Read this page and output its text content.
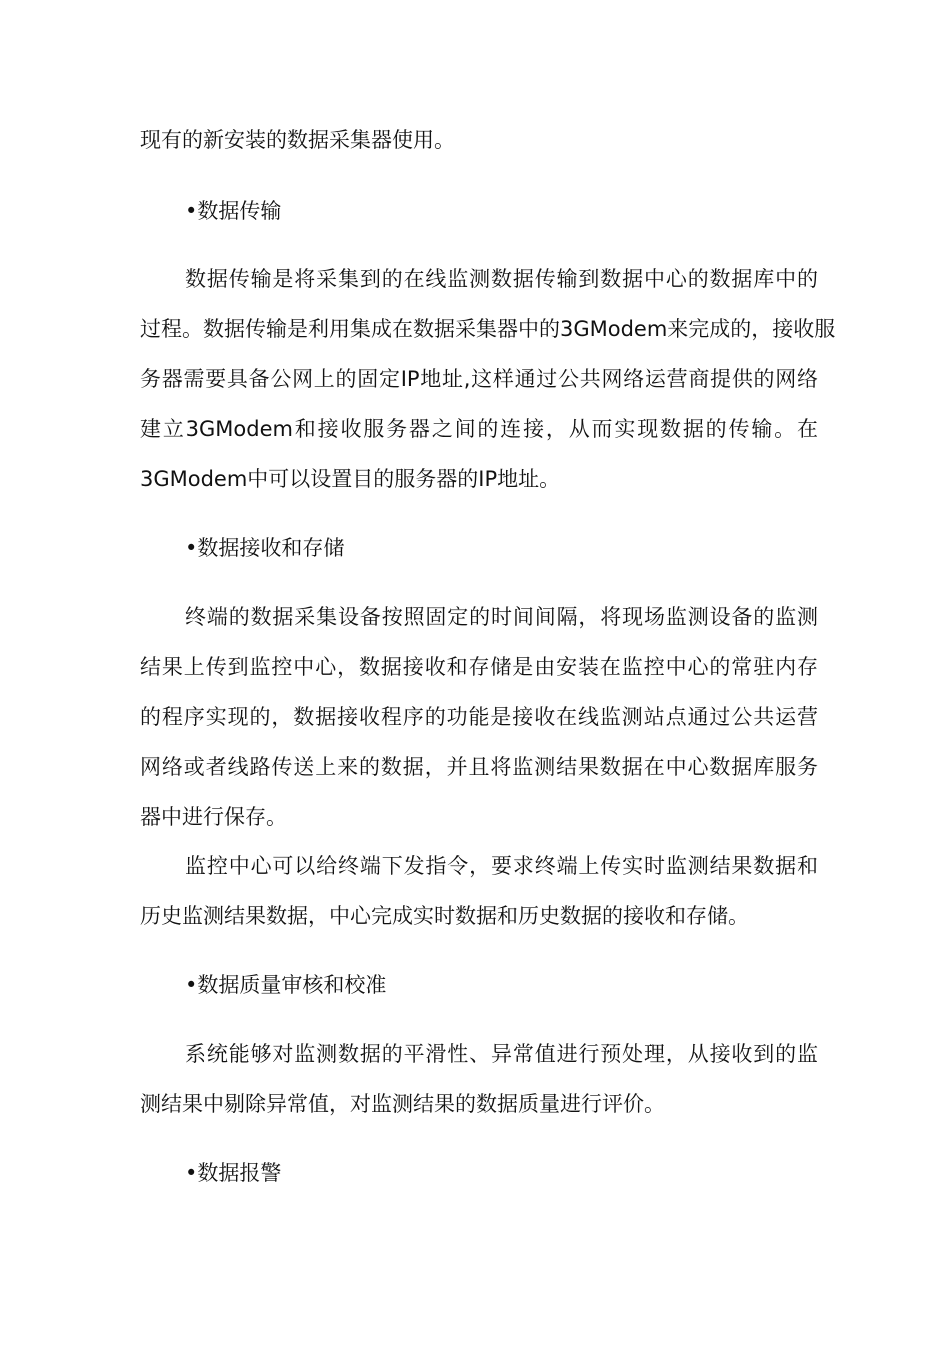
现有的新安装的数据采集器使用。
•数据传输
数据传输是将采集到的在线监测数据传输到数据中心的数据库中的
过程。数据传输是利用集成在数据采集器中的3GModem来完成的，接收服
务器需要具备公网上的固定IP地址,这样通过公共网络运营商提供的网络
建立3GModem和接收服务器之间的连接，从而实现数据的传输。在
3GModem中可以设置目的服务器的IP地址。
•数据接收和存储
终端的数据采集设备按照固定的时间间隔，将现场监测设备的监测
结果上传到监控中心，数据接收和存储是由安装在监控中心的常驻内存
的程序实现的，数据接收程序的功能是接收在线监测站点通过公共运营
网络或者线路传送上来的数据，并且将监测结果数据在中心数据库服务
器中进行保存。
监控中心可以给终端下发指令，要求终端上传实时监测结果数据和
历史监测结果数据，中心完成实时数据和历史数据的接收和存储。
•数据质量审核和校准
系统能够对监测数据的平滑性、异常值进行预处理，从接收到的监
测结果中剔除异常值，对监测结果的数据质量进行评价。
•数据报警
